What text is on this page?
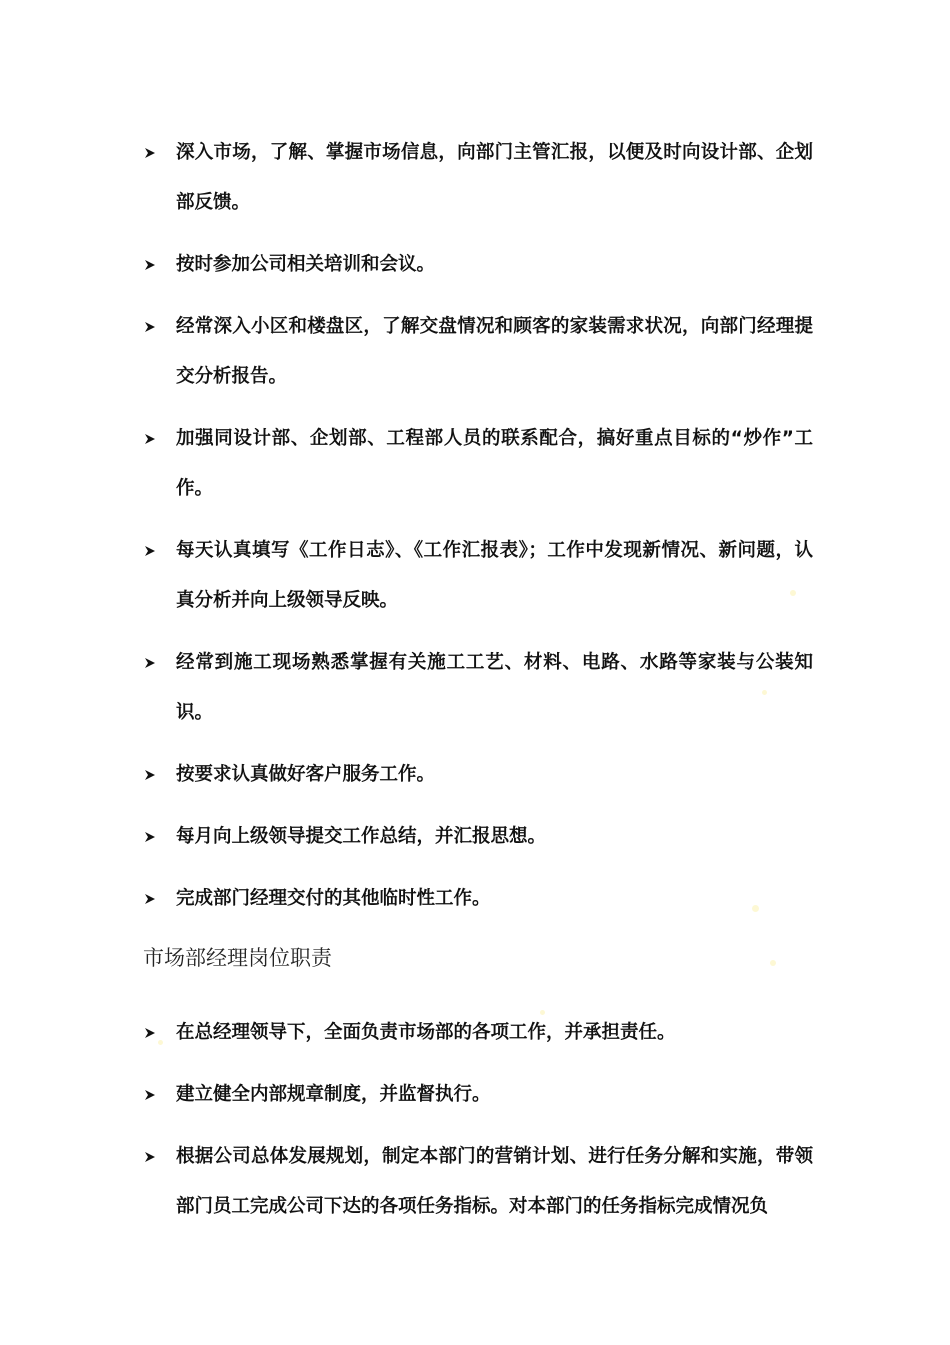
深入市场，了解、掌握市场信息，向部门主管汇报，以便及时向设计部、企划部反馈。
按时参加公司相关培训和会议。
经常深入小区和楼盘区，了解交盘情况和顾客的家装需求状况，向部门经理提交分析报告。
加强同设计部、企划部、工程部人员的联系配合，搞好重点目标的“炒作”工作。
每天认真填写《工作日志》、《工作汇报表》；工作中发现新情况、新问题，认真分析并向上级领导反映。
经常到施工现场熟悉掌握有关施工工艺、材料、电路、水路等家装与公装知识。
按要求认真做好客户服务工作。
每月向上级领导提交工作总结，并汇报思想。
完成部门经理交付的其他临时性工作。
市场部经理岗位职责
在总经理领导下，全面负责市场部的各项工作，并承担责任。
建立健全内部规章制度，并监督执行。
根据公司总体发展规划，制定本部门的营销计划、进行任务分解和实施，带领部门员工完成公司下达的各项任务指标。对本部门的任务指标完成情况负
